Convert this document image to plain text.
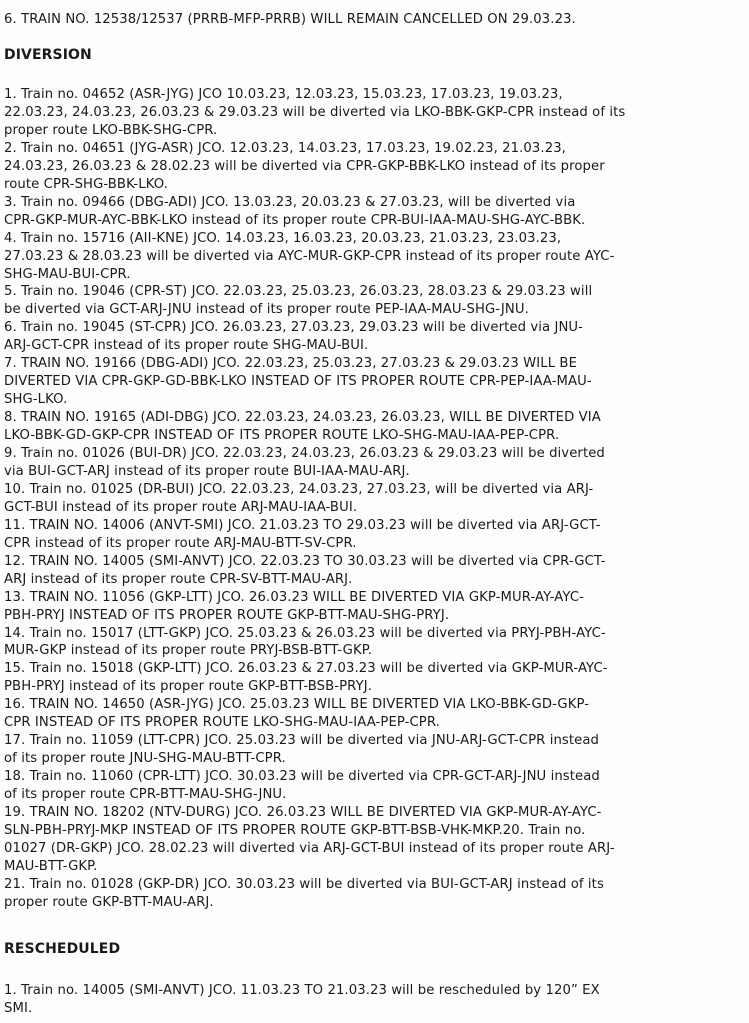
6. TRAIN NO. 12538/12537 (PRRB-MFP-PRRB) WILL REMAIN CANCELLED ON 29.03.23.
DIVERSION
1. Train no. 04652 (ASR-JYG) JCO 10.03.23, 12.03.23, 15.03.23, 17.03.23, 19.03.23,
22.03.23, 24.03.23, 26.03.23 & 29.03.23 will be diverted via LKO-BBK-GKP-CPR instead of its
proper route LKO-BBK-SHG-CPR.
2. Train no. 04651 (JYG-ASR) JCO. 12.03.23, 14.03.23, 17.03.23, 19.02.23, 21.03.23,
24.03.23, 26.03.23 & 28.02.23 will be diverted via CPR-GKP-BBK-LKO instead of its proper
route CPR-SHG-BBK-LKO.
3. Train no. 09466 (DBG-ADI) JCO. 13.03.23, 20.03.23 & 27.03.23, will be diverted via
CPR-GKP-MUR-AYC-BBK-LKO instead of its proper route CPR-BUI-IAA-MAU-SHG-AYC-BBK.
4. Train no. 15716 (AII-KNE) JCO. 14.03.23, 16.03.23, 20.03.23, 21.03.23, 23.03.23,
27.03.23 & 28.03.23 will be diverted via AYC-MUR-GKP-CPR instead of its proper route AYC-
SHG-MAU-BUI-CPR.
5. Train no. 19046 (CPR-ST) JCO. 22.03.23, 25.03.23, 26.03.23, 28.03.23 & 29.03.23 will
be diverted via GCT-ARJ-JNU instead of its proper route PEP-IAA-MAU-SHG-JNU.
6. Train no. 19045 (ST-CPR) JCO. 26.03.23, 27.03.23, 29.03.23 will be diverted via JNU-
ARJ-GCT-CPR instead of its proper route SHG-MAU-BUI.
7. TRAIN NO. 19166 (DBG-ADI) JCO. 22.03.23, 25.03.23, 27.03.23 & 29.03.23 WILL BE
DIVERTED VIA CPR-GKP-GD-BBK-LKO INSTEAD OF ITS PROPER ROUTE CPR-PEP-IAA-MAU-
SHG-LKO.
8. TRAIN NO. 19165 (ADI-DBG) JCO. 22.03.23, 24.03.23, 26.03.23, WILL BE DIVERTED VIA
LKO-BBK-GD-GKP-CPR INSTEAD OF ITS PROPER ROUTE LKO-SHG-MAU-IAA-PEP-CPR.
9. Train no. 01026 (BUI-DR) JCO. 22.03.23, 24.03.23, 26.03.23 & 29.03.23 will be diverted
via BUI-GCT-ARJ instead of its proper route BUI-IAA-MAU-ARJ.
10. Train no. 01025 (DR-BUI) JCO. 22.03.23, 24.03.23, 27.03.23, will be diverted via ARJ-
GCT-BUI instead of its proper route ARJ-MAU-IAA-BUI.
11. TRAIN NO. 14006 (ANVT-SMI) JCO. 21.03.23 TO 29.03.23 will be diverted via ARJ-GCT-
CPR instead of its proper route ARJ-MAU-BTT-SV-CPR.
12. TRAIN NO. 14005 (SMI-ANVT) JCO. 22.03.23 TO 30.03.23 will be diverted via CPR-GCT-
ARJ instead of its proper route CPR-SV-BTT-MAU-ARJ.
13. TRAIN NO. 11056 (GKP-LTT) JCO. 26.03.23 WILL BE DIVERTED VIA GKP-MUR-AY-AYC-
PBH-PRYJ INSTEAD OF ITS PROPER ROUTE GKP-BTT-MAU-SHG-PRYJ.
14. Train no. 15017 (LTT-GKP) JCO. 25.03.23 & 26.03.23 will be diverted via PRYJ-PBH-AYC-
MUR-GKP instead of its proper route PRYJ-BSB-BTT-GKP.
15. Train no. 15018 (GKP-LTT) JCO. 26.03.23 & 27.03.23 will be diverted via GKP-MUR-AYC-
PBH-PRYJ instead of its proper route GKP-BTT-BSB-PRYJ.
16. TRAIN NO. 14650 (ASR-JYG) JCO. 25.03.23 WILL BE DIVERTED VIA LKO-BBK-GD-GKP-
CPR INSTEAD OF ITS PROPER ROUTE LKO-SHG-MAU-IAA-PEP-CPR.
17. Train no. 11059 (LTT-CPR) JCO. 25.03.23 will be diverted via JNU-ARJ-GCT-CPR instead
of its proper route JNU-SHG-MAU-BTT-CPR.
18. Train no. 11060 (CPR-LTT) JCO. 30.03.23 will be diverted via CPR-GCT-ARJ-JNU instead
of its proper route CPR-BTT-MAU-SHG-JNU.
19. TRAIN NO. 18202 (NTV-DURG) JCO. 26.03.23 WILL BE DIVERTED VIA GKP-MUR-AY-AYC-
SLN-PBH-PRYJ-MKP INSTEAD OF ITS PROPER ROUTE GKP-BTT-BSB-VHK-MKP.20. Train no.
01027 (DR-GKP) JCO. 28.02.23 will diverted via ARJ-GCT-BUI instead of its proper route ARJ-
MAU-BTT-GKP.
21. Train no. 01028 (GKP-DR) JCO. 30.03.23 will be diverted via BUI-GCT-ARJ instead of its
proper route GKP-BTT-MAU-ARJ.
RESCHEDULED
1. Train no. 14005 (SMI-ANVT) JCO. 11.03.23 TO 21.03.23 will be rescheduled by 120” EX
SMI.
